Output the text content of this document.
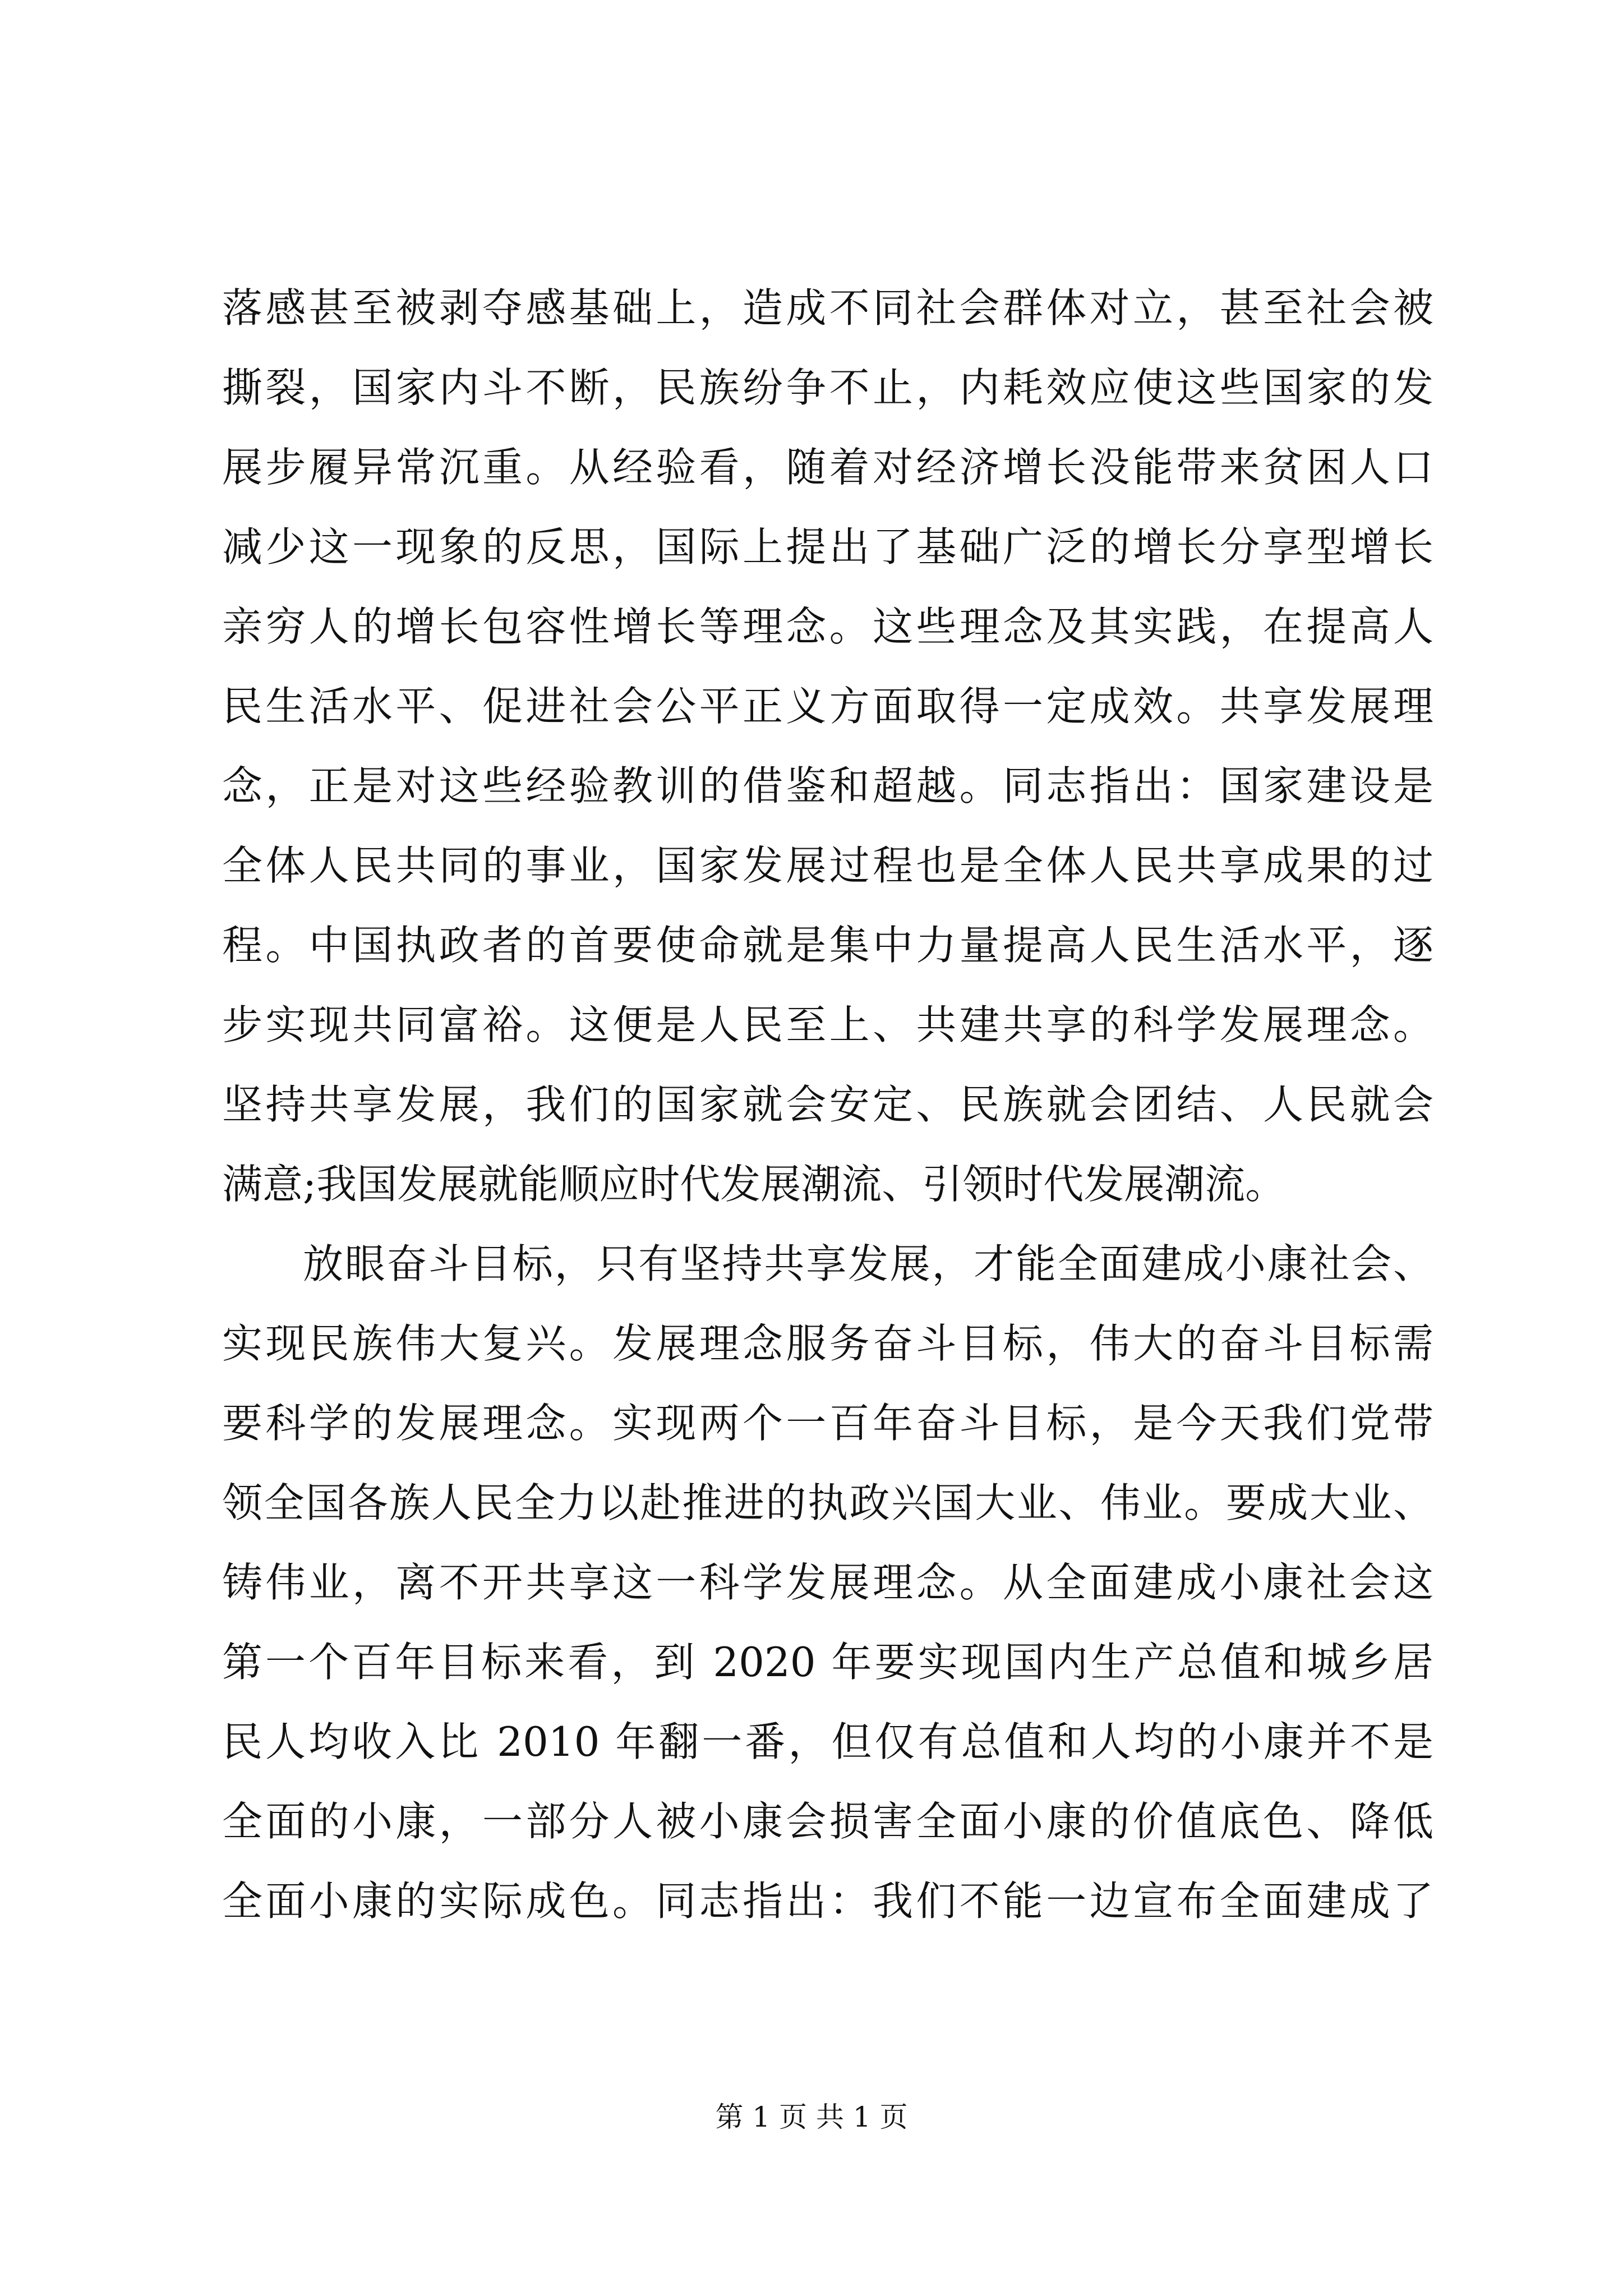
落感甚至被剥夺感基础上，造成不同社会群体对立，甚至社会被
撕裂，国家内斗不断，民族纷争不止，内耗效应使这些国家的发
展步履异常沉重。从经验看，随着对经济增长没能带来贫困人口
减少这一现象的反思，国际上提出了基础广泛的增长分享型增长
亲穷人的增长包容性增长等理念。这些理念及其实践，在提高人
民生活水平、促进社会公平正义方面取得一定成效。共享发展理
念，正是对这些经验教训的借鉴和超越。同志指出：国家建设是
全体人民共同的事业，国家发展过程也是全体人民共享成果的过
程。中国执政者的首要使命就是集中力量提高人民生活水平，逐
步实现共同富裕。这便是人民至上、共建共享的科学发展理念。
坚持共享发展，我们的国家就会安定、民族就会团结、人民就会
满意;我国发展就能顺应时代发展潮流、引领时代发展潮流。
放眼奋斗目标，只有坚持共享发展，才能全面建成小康社会、
实现民族伟大复兴。发展理念服务奋斗目标，伟大的奋斗目标需
要科学的发展理念。实现两个一百年奋斗目标，是今天我们党带
领全国各族人民全力以赴推进的执政兴国大业、伟业。要成大业、
铸伟业，离不开共享这一科学发展理念。从全面建成小康社会这
第一个百年目标来看，到 2020 年要实现国内生产总值和城乡居
民人均收入比 2010 年翻一番，但仅有总值和人均的小康并不是
全面的小康，一部分人被小康会损害全面小康的价值底色、降低
全面小康的实际成色。同志指出：我们不能一边宣布全面建成了
第 1 页 共 1 页
